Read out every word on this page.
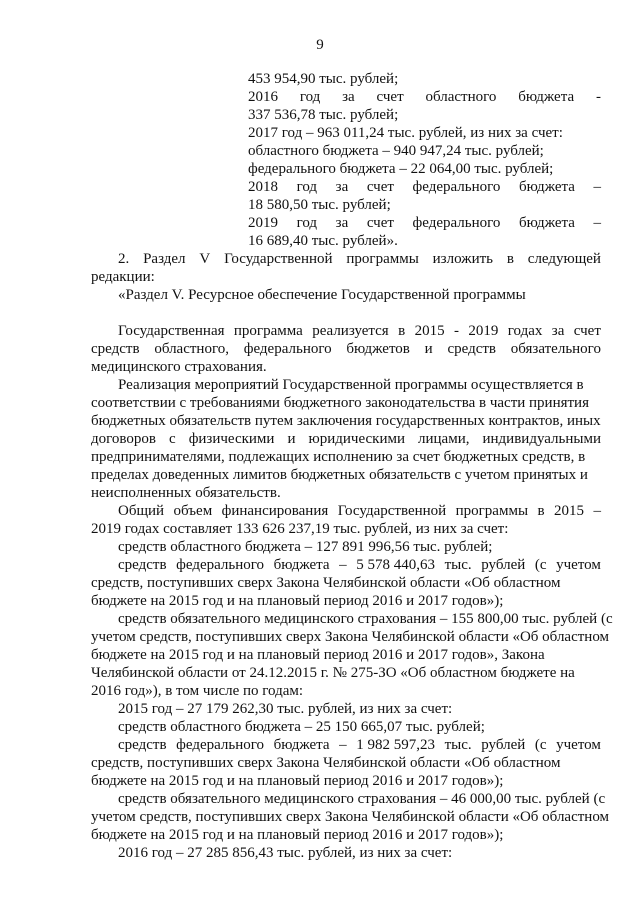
9
453 954,90 тыс. рублей;
2016 год за счет областного бюджета -
337 536,78 тыс. рублей;
2017 год – 963 011,24 тыс. рублей, из них за счет:
областного бюджета – 940 947,24 тыс. рублей;
федерального бюджета – 22 064,00 тыс. рублей;
2018 год за счет федерального бюджета –
18 580,50 тыс. рублей;
2019 год за счет федерального бюджета –
16 689,40 тыс. рублей».
2. Раздел V Государственной программы изложить в следующей
редакции:
«Раздел V. Ресурсное обеспечение Государственной программы
Государственная программа реализуется в 2015 - 2019 годах за счет
средств областного, федерального бюджетов и средств обязательного
медицинского страхования.
Реализация мероприятий Государственной программы осуществляется в
соответствии с требованиями бюджетного законодательства в части принятия
бюджетных обязательств путем заключения государственных контрактов, иных
договоров с физическими и юридическими лицами, индивидуальными
предпринимателями, подлежащих исполнению за счет бюджетных средств, в
пределах доведенных лимитов бюджетных обязательств с учетом принятых и
неисполненных обязательств.
Общий объем финансирования Государственной программы в 2015 –
2019 годах составляет 133 626 237,19 тыс. рублей, из них за счет:
средств областного бюджета – 127 891 996,56 тыс. рублей;
средств федерального бюджета – 5 578 440,63 тыс. рублей (с учетом
средств, поступивших сверх Закона Челябинской области «Об областном
бюджете на 2015 год и на плановый период 2016 и 2017 годов»);
средств обязательного медицинского страхования – 155 800,00 тыс. рублей (с
учетом средств, поступивших сверх Закона Челябинской области «Об областном
бюджете на 2015 год и на плановый период 2016 и 2017 годов», Закона
Челябинской области от 24.12.2015 г. № 275-ЗО «Об областном бюджете на
2016 год»), в том числе по годам:
2015 год – 27 179 262,30 тыс. рублей, из них за счет:
средств областного бюджета – 25 150 665,07 тыс. рублей;
средств федерального бюджета – 1 982 597,23 тыс. рублей (с учетом
средств, поступивших сверх Закона Челябинской области «Об областном
бюджете на 2015 год и на плановый период 2016 и 2017 годов»);
средств обязательного медицинского страхования – 46 000,00 тыс. рублей (с
учетом средств, поступивших сверх Закона Челябинской области «Об областном
бюджете на 2015 год и на плановый период 2016 и 2017 годов»);
2016 год – 27 285 856,43 тыс. рублей, из них за счет:
